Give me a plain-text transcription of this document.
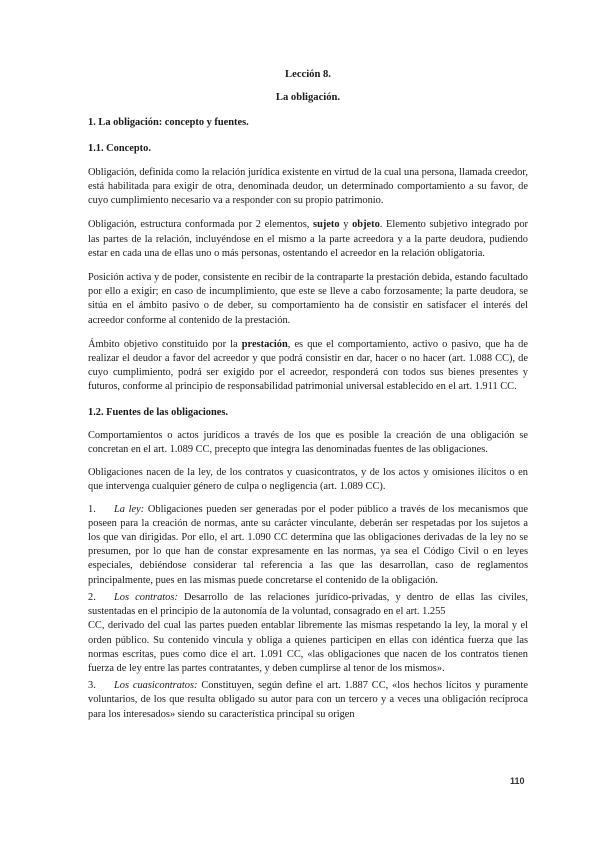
Lección 8.
La obligación.
1. La obligación: concepto y fuentes.
1.1. Concepto.

Obligación, definida como la relación jurídica existente en virtud de la cual una persona, llamada creedor, está habilitada para exigir de otra, denominada deudor, un determinado comportamiento a su favor, de cuyo cumplimiento necesario va a responder con su propio patrimonio.

Obligación, estructura conformada por 2 elementos, sujeto y objeto. Elemento subjetivo integrado por las partes de la relación, incluyéndose en el mismo a la parte acreedora y a la parte deudora, pudiendo estar en cada una de ellas uno o más personas, ostentando el acreedor en la relación obligatoria.

Posición activa y de poder, consistente en recibir de la contraparte la prestación debida, estando facultado por ello a exigir; en caso de incumplimiento, que este se lleve a cabo forzosamente; la parte deudora, se sitúa en el ámbito pasivo o de deber, su comportamiento ha de consistir en satisfacer el interés del acreedor conforme al contenido de la prestación.

Ámbito objetivo constituido por la prestación, es que el comportamiento, activo o pasivo, que ha de realizar el deudor a favor del acreedor y que podrá consistir en dar, hacer o no hacer (art. 1.088 CC), de cuyo cumplimiento, podrá ser exigido por el acreedor, responderá con todos sus bienes presentes y futuros, conforme al principio de responsabilidad patrimonial universal establecido en el art. 1.911 CC.

1.2. Fuentes de las obligaciones.

Comportamientos o actos jurídicos a través de los que es posible la creación de una obligación se concretan en el art. 1.089 CC, precepto que integra las denominadas fuentes de las obligaciones.

Obligaciones nacen de la ley, de los contratos y cuasicontratos, y de los actos y omisiones ilícitos o en que intervenga cualquier género de culpa o negligencia (art. 1.089 CC).

1. La ley: Obligaciones pueden ser generadas por el poder público a través de los mecanismos que poseen para la creación de normas, ante su carácter vinculante, deberán ser respetadas por los sujetos a los que van dirigidas. Por ello, el art. 1.090 CC determina que las obligaciones derivadas de la ley no se presumen, por lo que han de constar expresamente en las normas, ya sea el Código Civil o en leyes especiales, debiéndose considerar tal referencia a las que las desarrollan, caso de reglamentos principalmente, pues en las mismas puede concretarse el contenido de la obligación.
2. Los contratos: Desarrollo de las relaciones jurídico-privadas, y dentro de ellas las civiles, sustentadas en el principio de la autonomía de la voluntad, consagrado en el art. 1.255
CC, derivado del cual las partes pueden entablar libremente las mismas respetando la ley, la moral y el orden público. Su contenido vincula y obliga a quienes participen en ellas con idéntica fuerza que las normas escritas, pues como dice el art. 1.091 CC, «las obligaciones que nacen de los contratos tienen fuerza de ley entre las partes contratantes, y deben cumplirse al tenor de los mismos».
3. Los cuasicontratos: Constituyen, según define el art. 1.887 CC, «los hechos lícitos y puramente voluntarios, de los que resulta obligado su autor para con un tercero y a veces una obligación recíproca para los interesados» siendo su característica principal su origen
110
